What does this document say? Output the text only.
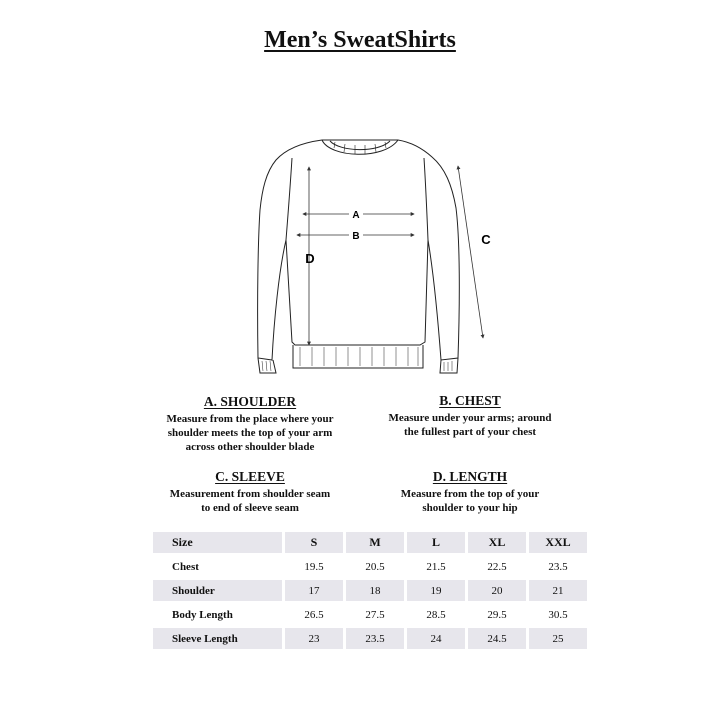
Men’s SweatShirts
A
B	C
D
A. SHOULDER
Measure from the place where your
shoulder meets the top of your arm
across other shoulder blade
B. CHEST
Measure under your arms; around
the fullest part of your chest
C. SLEEVE
Measurement from shoulder seam
to end of sleeve seam
D. LENGTH
Measure from the top of your
shoulder to your hip
Size	S	M	L	XL	XXL
Chest	19.5	20.5	21.5	22.5	23.5
Shoulder	17	18	19	20	21
Body Length	26.5	27.5	28.5	29.5	30.5
Sleeve Length	23	23.5	24	24.5	25
